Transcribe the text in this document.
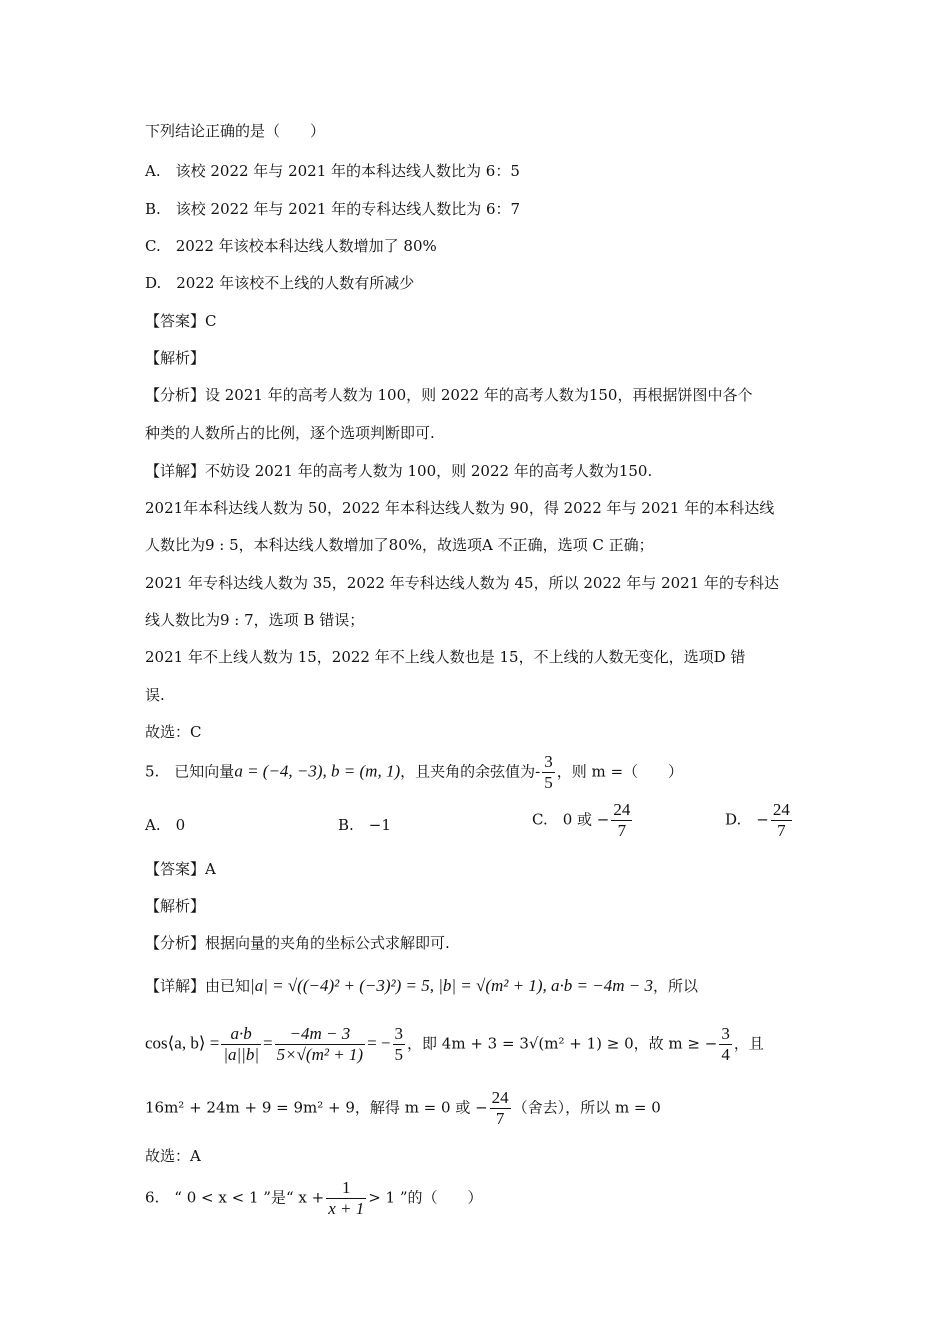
下列结论正确的是（　　）
A.　该校 2022 年与 2021 年的本科达线人数比为 6：5
B.　该校 2022 年与 2021 年的专科达线人数比为 6：7
C.　2022 年该校本科达线人数增加了 80%
D.　2022 年该校不上线的人数有所减少
【答案】C
【解析】
【分析】设 2021 年的高考人数为 100，则 2022 年的高考人数为150，再根据饼图中各个
种类的人数所占的比例，逐个选项判断即可.
【详解】不妨设 2021 年的高考人数为 100，则 2022 年的高考人数为150.
2021年本科达线人数为 50，2022 年本科达线人数为 90，得 2022 年与 2021 年的本科达线
人数比为9 : 5，本科达线人数增加了80%，故选项A 不正确，选项 C 正确；
2021 年专科达线人数为 35，2022 年专科达线人数为 45，所以 2022 年与 2021 年的专科达
线人数比为9 : 7，选项 B 错误；
2021 年不上线人数为 15，2022 年不上线人数也是 15，不上线的人数无变化，选项D 错
误.
故选：C
5.　已知向量a = (−4, −3), b = (m, 1)，且夹角的余弦值为- $\frac{3}{5}$ ，则 m =（　　）
A.　0	B.　−1	C.　0 或 − $\frac{24}{7}$	D.　− $\frac{24}{7}$
【答案】A
【解析】
【分析】根据向量的夹角的坐标公式求解即可.
【详解】由已知|a| = √((−4)² + (−3)²) = 5, |b| = √(m² + 1), a·b = −4m − 3，所以
cos⟨a, b⟩ = $\frac{a\cdot b}{|a||b|} = \frac{-4m - 3}{\text{5×√(m² + 1)}}$ = − $\frac{3}{5}$ ，即 4m + 3 = 3√(m² + 1) ≥ 0，故 m ≥ − $\frac{3}{4}$ ，且
16m² + 24m + 9 = 9m² + 9，解得 m = 0 或 − $\frac{24}{7}$ （舍去），所以 m = 0
故选：A
6.　“ 0 < x < 1 ”是“ $x + \frac{1}{x + 1} > 1$ ”的（　　）
